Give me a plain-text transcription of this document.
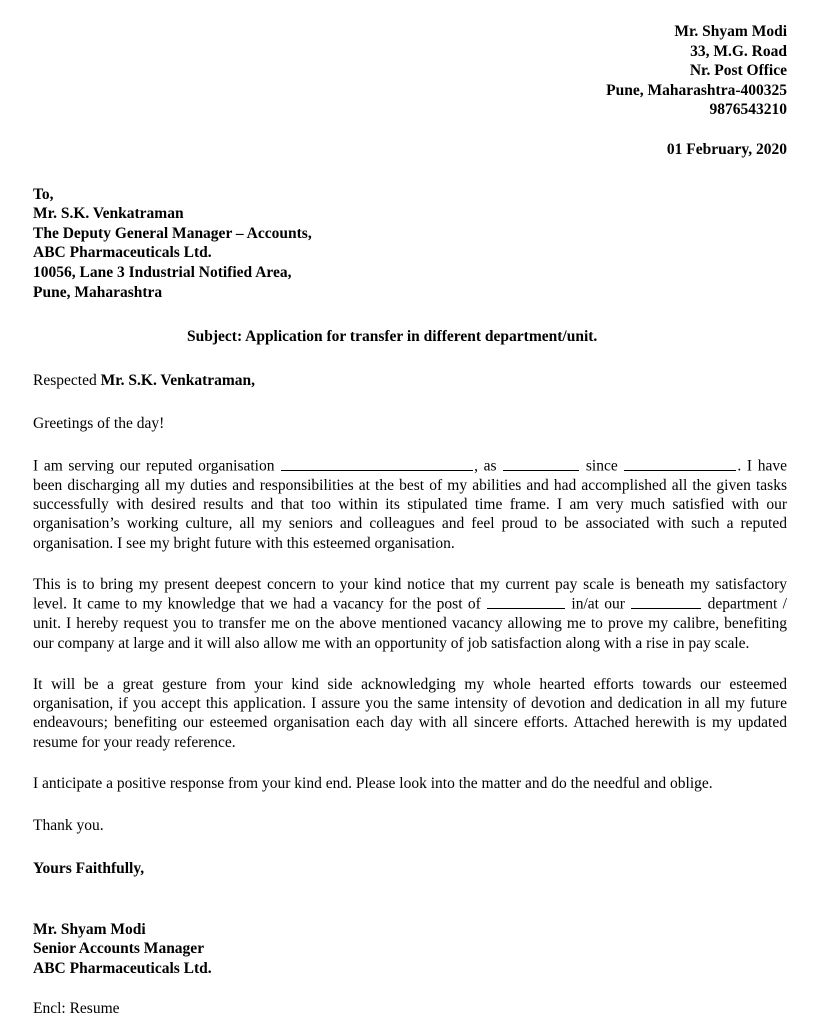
Mr. Shyam Modi
33, M.G. Road
Nr. Post Office
Pune, Maharashtra-400325
9876543210
01 February, 2020
To,
Mr. S.K. Venkatraman
The Deputy General Manager – Accounts,
ABC Pharmaceuticals Ltd.
10056, Lane 3 Industrial Notified Area,
Pune, Maharashtra
Subject: Application for transfer in different department/unit.
Respected Mr. S.K. Venkatraman,
Greetings of the day!
I am serving our reputed organisation	, as	since	. I have been discharging all my duties and responsibilities at the best of my abilities and had accomplished all the given tasks successfully with desired results and that too within its stipulated time frame. I am very much satisfied with our organisation’s working culture, all my seniors and colleagues and feel proud to be associated with such a reputed organisation. I see my bright future with this esteemed organisation.
This is to bring my present deepest concern to your kind notice that my current pay scale is beneath my satisfactory level. It came to my knowledge that we had a vacancy for the post of	in/at our	department / unit. I hereby request you to transfer me on the above mentioned vacancy allowing me to prove my calibre, benefiting our company at large and it will also allow me with an opportunity of job satisfaction along with a rise in pay scale.
It will be a great gesture from your kind side acknowledging my whole hearted efforts towards our esteemed organisation, if you accept this application. I assure you the same intensity of devotion and dedication in all my future endeavours; benefiting our esteemed organisation each day with all sincere efforts. Attached herewith is my updated resume for your ready reference.
I anticipate a positive response from your kind end. Please look into the matter and do the needful and oblige.
Thank you.
Yours Faithfully,
Mr. Shyam Modi
Senior Accounts Manager
ABC Pharmaceuticals Ltd.
Encl: Resume
